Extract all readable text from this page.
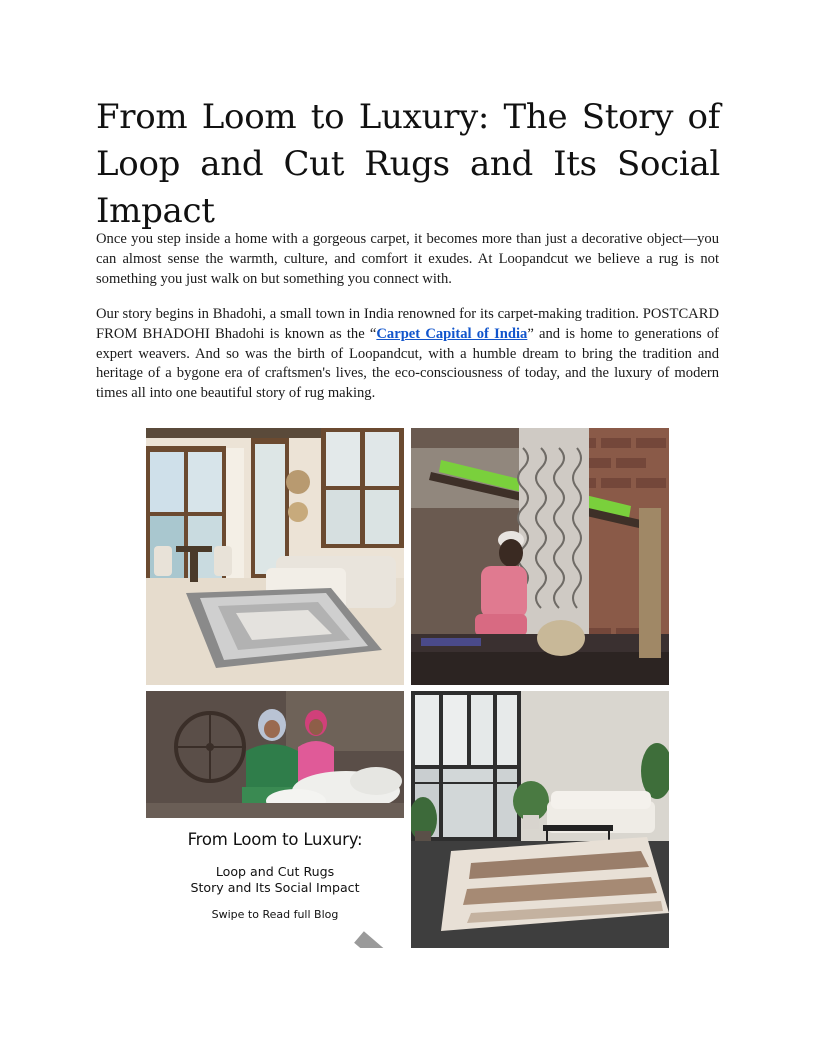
From Loom to Luxury: The Story of Loop and Cut Rugs and Its Social Impact

Once you step inside a home with a gorgeous carpet, it becomes more than just a decorative object—you can almost sense the warmth, culture, and comfort it exudes. At Loopandcut we believe a rug is not something you just walk on but something you connect with.

Our story begins in Bhadohi, a small town in India renowned for its carpet-making tradition. POSTCARD FROM BHADOHI Bhadohi is known as the “Carpet Capital of India” and is home to generations of expert weavers. And so was the birth of Loopandcut, with a humble dream to bring the tradition and heritage of a bygone era of craftsmen's lives, the eco-consciousness of today, and the luxury of modern times all into one beautiful story of rug making.

From Loom to Luxury:
Loop and Cut Rugs
Story and Its Social Impact
Swipe to Read full Blog
